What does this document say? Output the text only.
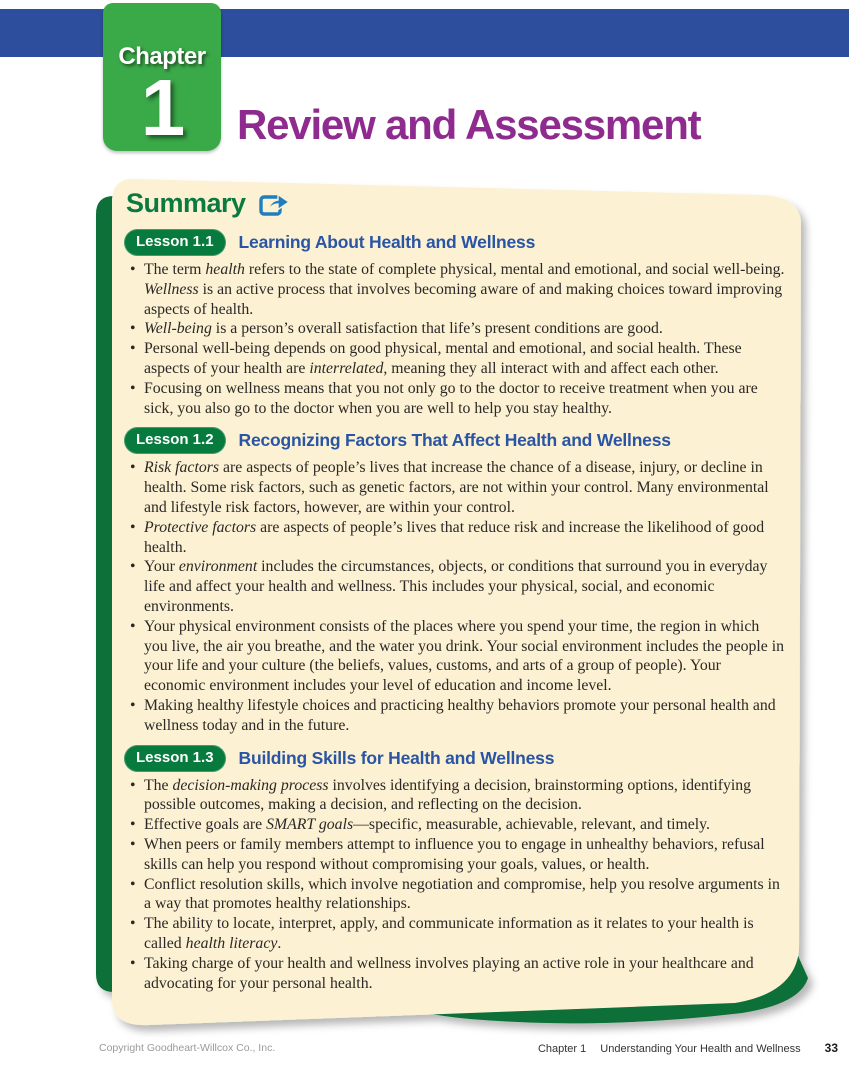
Chapter
1	Review and Assessment
Summary
Lesson 1.1	Learning About Health and Wellness
• The term health refers to the state of complete physical, mental and emotional, and social well-being. Wellness is an active process that involves becoming aware of and making choices toward improving aspects of health.
• Well-being is a person’s overall satisfaction that life’s present conditions are good.
• Personal well-being depends on good physical, mental and emotional, and social health. These aspects of your health are interrelated, meaning they all interact with and affect each other.
• Focusing on wellness means that you not only go to the doctor to receive treatment when you are sick, you also go to the doctor when you are well to help you stay healthy.
Lesson 1.2	Recognizing Factors That Affect Health and Wellness
• Risk factors are aspects of people’s lives that increase the chance of a disease, injury, or decline in health. Some risk factors, such as genetic factors, are not within your control. Many environmental and lifestyle risk factors, however, are within your control.
• Protective factors are aspects of people’s lives that reduce risk and increase the likelihood of good health.
• Your environment includes the circumstances, objects, or conditions that surround you in everyday life and affect your health and wellness. This includes your physical, social, and economic environments.
• Your physical environment consists of the places where you spend your time, the region in which you live, the air you breathe, and the water you drink. Your social environment includes the people in your life and your culture (the beliefs, values, customs, and arts of a group of people). Your economic environment includes your level of education and income level.
• Making healthy lifestyle choices and practicing healthy behaviors promote your personal health and wellness today and in the future.
Lesson 1.3	Building Skills for Health and Wellness
• The decision-making process involves identifying a decision, brainstorming options, identifying possible outcomes, making a decision, and reflecting on the decision.
• Effective goals are SMART goals—specific, measurable, achievable, relevant, and timely.
• When peers or family members attempt to influence you to engage in unhealthy behaviors, refusal skills can help you respond without compromising your goals, values, or health.
• Conflict resolution skills, which involve negotiation and compromise, help you resolve arguments in a way that promotes healthy relationships.
• The ability to locate, interpret, apply, and communicate information as it relates to your health is called health literacy.
• Taking charge of your health and wellness involves playing an active role in your healthcare and advocating for your personal health.
Copyright Goodheart-Willcox Co., Inc.	Chapter 1 Understanding Your Health and Wellness 33
